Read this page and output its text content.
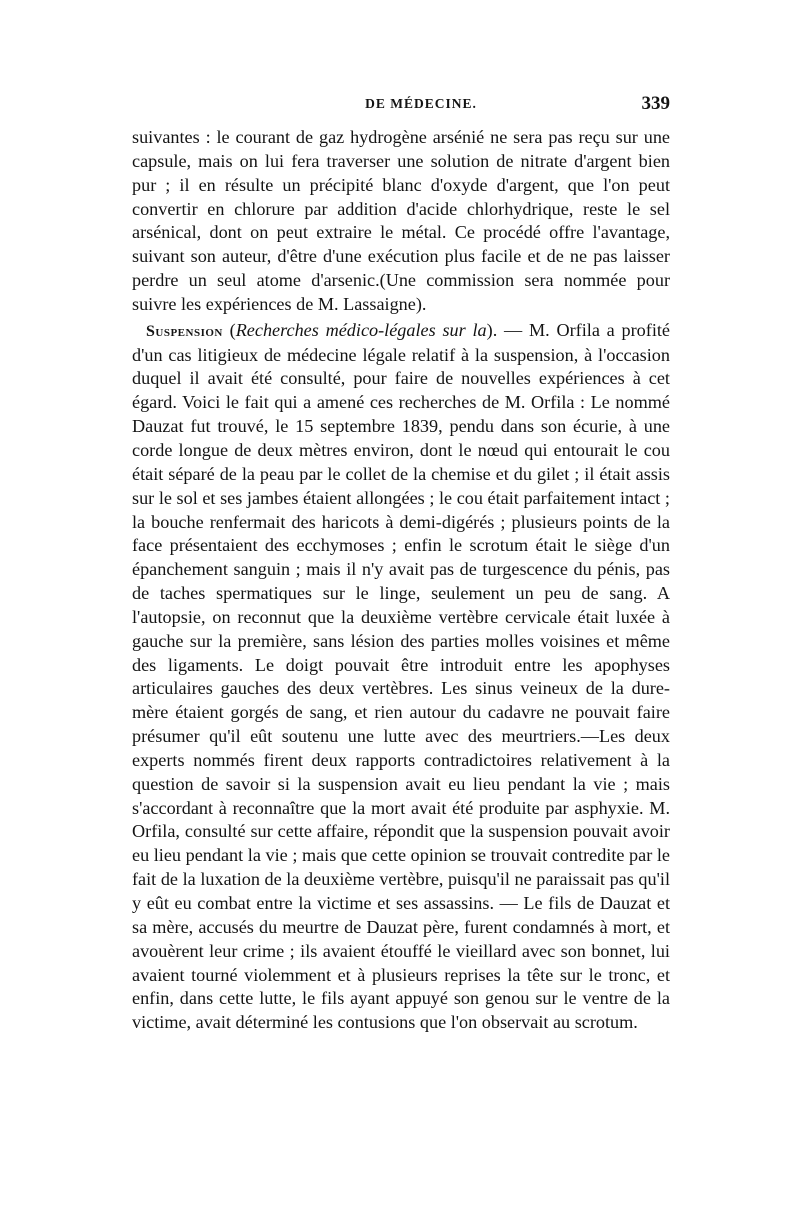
DE MÉDECINE.	339

suivantes : le courant de gaz hydrogène arsénié ne sera pas reçu sur une capsule, mais on lui fera traverser une solution de nitrate d'argent bien pur ; il en résulte un précipité blanc d'oxyde d'argent, que l'on peut convertir en chlorure par addition d'acide chlorhydrique, reste le sel arsénical, dont on peut extraire le métal. Ce procédé offre l'avantage, suivant son auteur, d'être d'une exécution plus facile et de ne pas laisser perdre un seul atome d'arsenic.(Une commission sera nommée pour suivre les expériences de M. Lassaigne).

Suspension (Recherches médico-légales sur la). — M. Orfila a profité d'un cas litigieux de médecine légale relatif à la suspension, à l'occasion duquel il avait été consulté, pour faire de nouvelles expériences à cet égard. Voici le fait qui a amené ces recherches de M. Orfila : Le nommé Dauzat fut trouvé, le 15 septembre 1839, pendu dans son écurie, à une corde longue de deux mètres environ, dont le nœud qui entourait le cou était séparé de la peau par le collet de la chemise et du gilet ; il était assis sur le sol et ses jambes étaient allongées ; le cou était parfaitement intact ; la bouche renfermait des haricots à demi-digérés ; plusieurs points de la face présentaient des ecchymoses ; enfin le scrotum était le siège d'un épanchement sanguin ; mais il n'y avait pas de turgescence du pénis, pas de taches spermatiques sur le linge, seulement un peu de sang. A l'autopsie, on reconnut que la deuxième vertèbre cervicale était luxée à gauche sur la première, sans lésion des parties molles voisines et même des ligaments. Le doigt pouvait être introduit entre les apophyses articulaires gauches des deux vertèbres. Les sinus veineux de la dure-mère étaient gorgés de sang, et rien autour du cadavre ne pouvait faire présumer qu'il eût soutenu une lutte avec des meurtriers.—Les deux experts nommés firent deux rapports contradictoires relativement à la question de savoir si la suspension avait eu lieu pendant la vie ; mais s'accordant à reconnaître que la mort avait été produite par asphyxie. M. Orfila, consulté sur cette affaire, répondit que la suspension pouvait avoir eu lieu pendant la vie ; mais que cette opinion se trouvait contredite par le fait de la luxation de la deuxième vertèbre, puisqu'il ne paraissait pas qu'il y eût eu combat entre la victime et ses assassins. — Le fils de Dauzat et sa mère, accusés du meurtre de Dauzat père, furent condamnés à mort, et avouèrent leur crime ; ils avaient étouffé le vieillard avec son bonnet, lui avaient tourné violemment et à plusieurs reprises la tête sur le tronc, et enfin, dans cette lutte, le fils ayant appuyé son genou sur le ventre de la victime, avait déterminé les contusions que l'on observait au scrotum.
